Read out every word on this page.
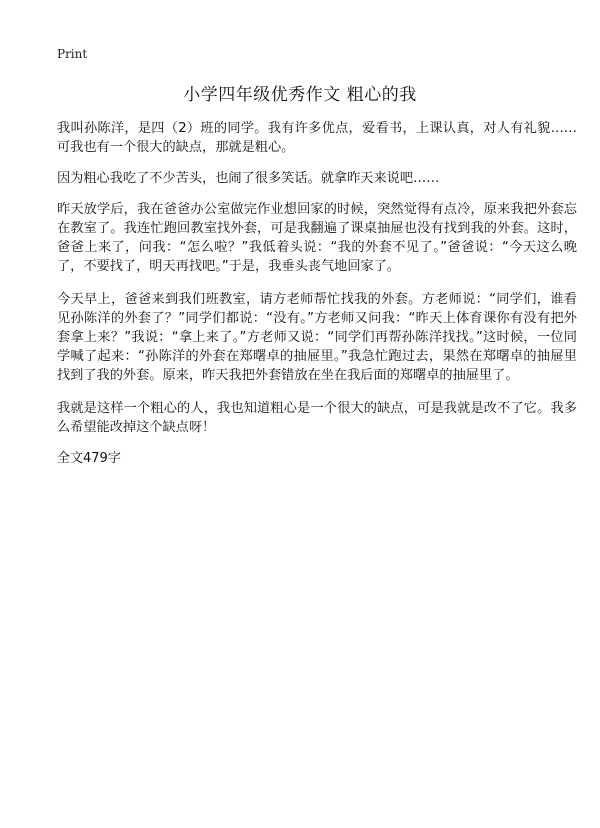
Print
小学四年级优秀作文 粗心的我

我叫孙陈洋，是四（2）班的同学。我有许多优点，爱看书，上课认真，对人有礼貌……可我也有一个很大的缺点，那就是粗心。

因为粗心我吃了不少苦头，也闹了很多笑话。就拿昨天来说吧……

昨天放学后，我在爸爸办公室做完作业想回家的时候，突然觉得有点冷，原来我把外套忘在教室了。我连忙跑回教室找外套，可是我翻遍了课桌抽屉也没有找到我的外套。这时，爸爸上来了，问我：“怎么啦？”我低着头说：“我的外套不见了。”爸爸说：“今天这么晚了，不要找了，明天再找吧。”于是，我垂头丧气地回家了。

今天早上，爸爸来到我们班教室，请方老师帮忙找我的外套。方老师说：“同学们，谁看见孙陈洋的外套了？”同学们都说：“没有。”方老师又问我：“昨天上体育课你有没有把外套拿上来？”我说：“拿上来了。”方老师又说：“同学们再帮孙陈洋找找。”这时候，一位同学喊了起来：“孙陈洋的外套在郑曙卓的抽屉里。”我急忙跑过去，果然在郑曙卓的抽屉里找到了我的外套。原来，昨天我把外套错放在坐在我后面的郑曙卓的抽屉里了。

我就是这样一个粗心的人，我也知道粗心是一个很大的缺点，可是我就是改不了它。我多么希望能改掉这个缺点呀！

全文479字
